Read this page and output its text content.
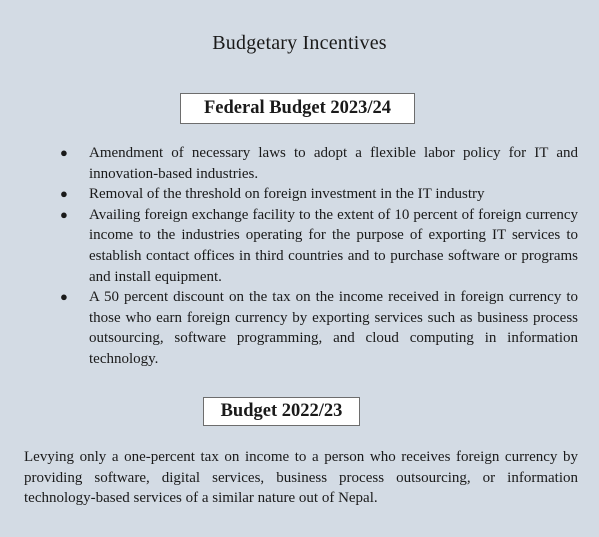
Budgetary Incentives
Federal Budget 2023/24
● Amendment of necessary laws to adopt a flexible labor policy for IT and innovation-based industries.
● Removal of the threshold on foreign investment in the IT industry
● Availing foreign exchange facility to the extent of 10 percent of foreign currency income to the industries operating for the purpose of exporting IT services to establish contact offices in third countries and to purchase software or programs and install equipment.
● A 50 percent discount on the tax on the income received in foreign currency to those who earn foreign currency by exporting services such as business process outsourcing, software programming, and cloud computing in information technology.
Budget 2022/23

Levying only a one-percent tax on income to a person who receives foreign currency by providing software, digital services, business process outsourcing, or information technology-based services of a similar nature out of Nepal.
